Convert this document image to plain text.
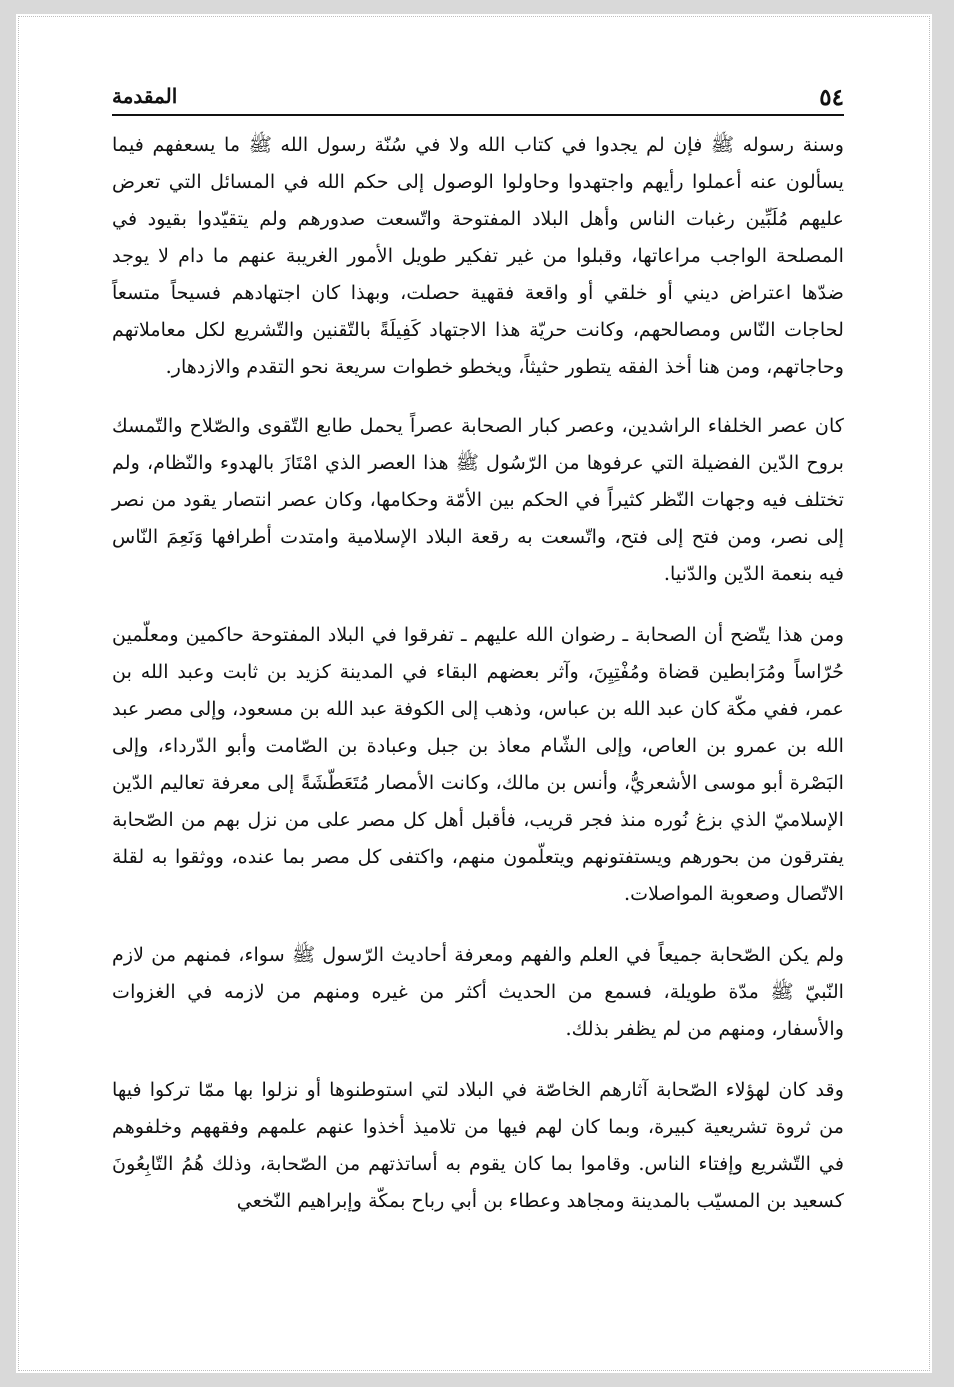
٥٤
المقدمة

وسنة رسوله ﷺ فإن لم يجدوا في كتاب الله ولا في سُنّة رسول الله ﷺ ما يسعفهم فيما يسألون عنه أعملوا رأيهم واجتهدوا وحاولوا الوصول إلى حكم الله في المسائل التي تعرض عليهم مُلَبِّين رغبات الناس وأهل البلاد المفتوحة واتّسعت صدورهم ولم يتقيّدوا بقيود في المصلحة الواجب مراعاتها، وقبلوا من غير تفكير طويل الأمور الغريبة عنهم ما دام لا يوجد ضدّها اعتراض ديني أو خلقي أو واقعة فقهية حصلت، وبهذا كان اجتهادهم فسيحاً متسعاً لحاجات النّاس ومصالحهم، وكانت حريّة هذا الاجتهاد كَفِيلَةً بالتّقنين والتّشريع لكل معاملاتهم وحاجاتهم، ومن هنا أخذ الفقه يتطور حثيثاً، ويخطو خطوات سريعة نحو التقدم والازدهار.

كان عصر الخلفاء الراشدين، وعصر كبار الصحابة عصراً يحمل طابع التّقوى والصّلاح والتّمسك بروح الدّين الفضيلة التي عرفوها من الرّسُول ﷺ هذا العصر الذي امْتَازَ بالهدوء والنّظام، ولم تختلف فيه وجهات النّظر كثيراً في الحكم بين الأمّة وحكامها، وكان عصر انتصار يقود من نصر إلى نصر، ومن فتح إلى فتح، واتّسعت به رقعة البلاد الإسلامية وامتدت أطرافها وَنَعِمَ النّاس فيه بنعمة الدّين والدّنيا.

ومن هذا يتّضح أن الصحابة ـ رضوان الله عليهم ـ تفرقوا في البلاد المفتوحة حاكمين ومعلّمين حُرّاساً ومُرَابطين قضاة ومُفْتِيِنَ، وآثر بعضهم البقاء في المدينة كزيد بن ثابت وعبد الله بن عمر، ففي مكّة كان عبد الله بن عباس، وذهب إلى الكوفة عبد الله بن مسعود، وإلى مصر عبد الله بن عمرو بن العاص، وإلى الشّام معاذ بن جبل وعبادة بن الصّامت وأبو الدّرداء، وإلى البَصْرة أبو موسى الأشعريُّ، وأنس بن مالك، وكانت الأمصار مُتَعَطّشَةً إلى معرفة تعاليم الدّين الإسلاميّ الذي بزغ نُوره منذ فجر قريب، فأقبل أهل كل مصر على من نزل بهم من الصّحابة يفترقون من بحورهم ويستفتونهم ويتعلّمون منهم، واكتفى كل مصر بما عنده، ووثقوا به لقلة الاتّصال وصعوبة المواصلات.

ولم يكن الصّحابة جميعاً في العلم والفهم ومعرفة أحاديث الرّسول ﷺ سواء، فمنهم من لازم النّبيّ ﷺ مدّة طويلة، فسمع من الحديث أكثر من غيره ومنهم من لازمه في الغزوات والأسفار، ومنهم من لم يظفر بذلك.

وقد كان لهؤلاء الصّحابة آثارهم الخاصّة في البلاد لتي استوطنوها أو نزلوا بها ممّا تركوا فيها من ثروة تشريعية كبيرة، وبما كان لهم فيها من تلاميذ أخذوا عنهم علمهم وفقههم وخلفوهم في التّشريع وإفتاء الناس. وقاموا بما كان يقوم به أساتذتهم من الصّحابة، وذلك هُمُ التّابِعُونَ كسعيد بن المسيّب بالمدينة ومجاهد وعطاء بن أبي رباح بمكّة وإبراهيم النّخعي
